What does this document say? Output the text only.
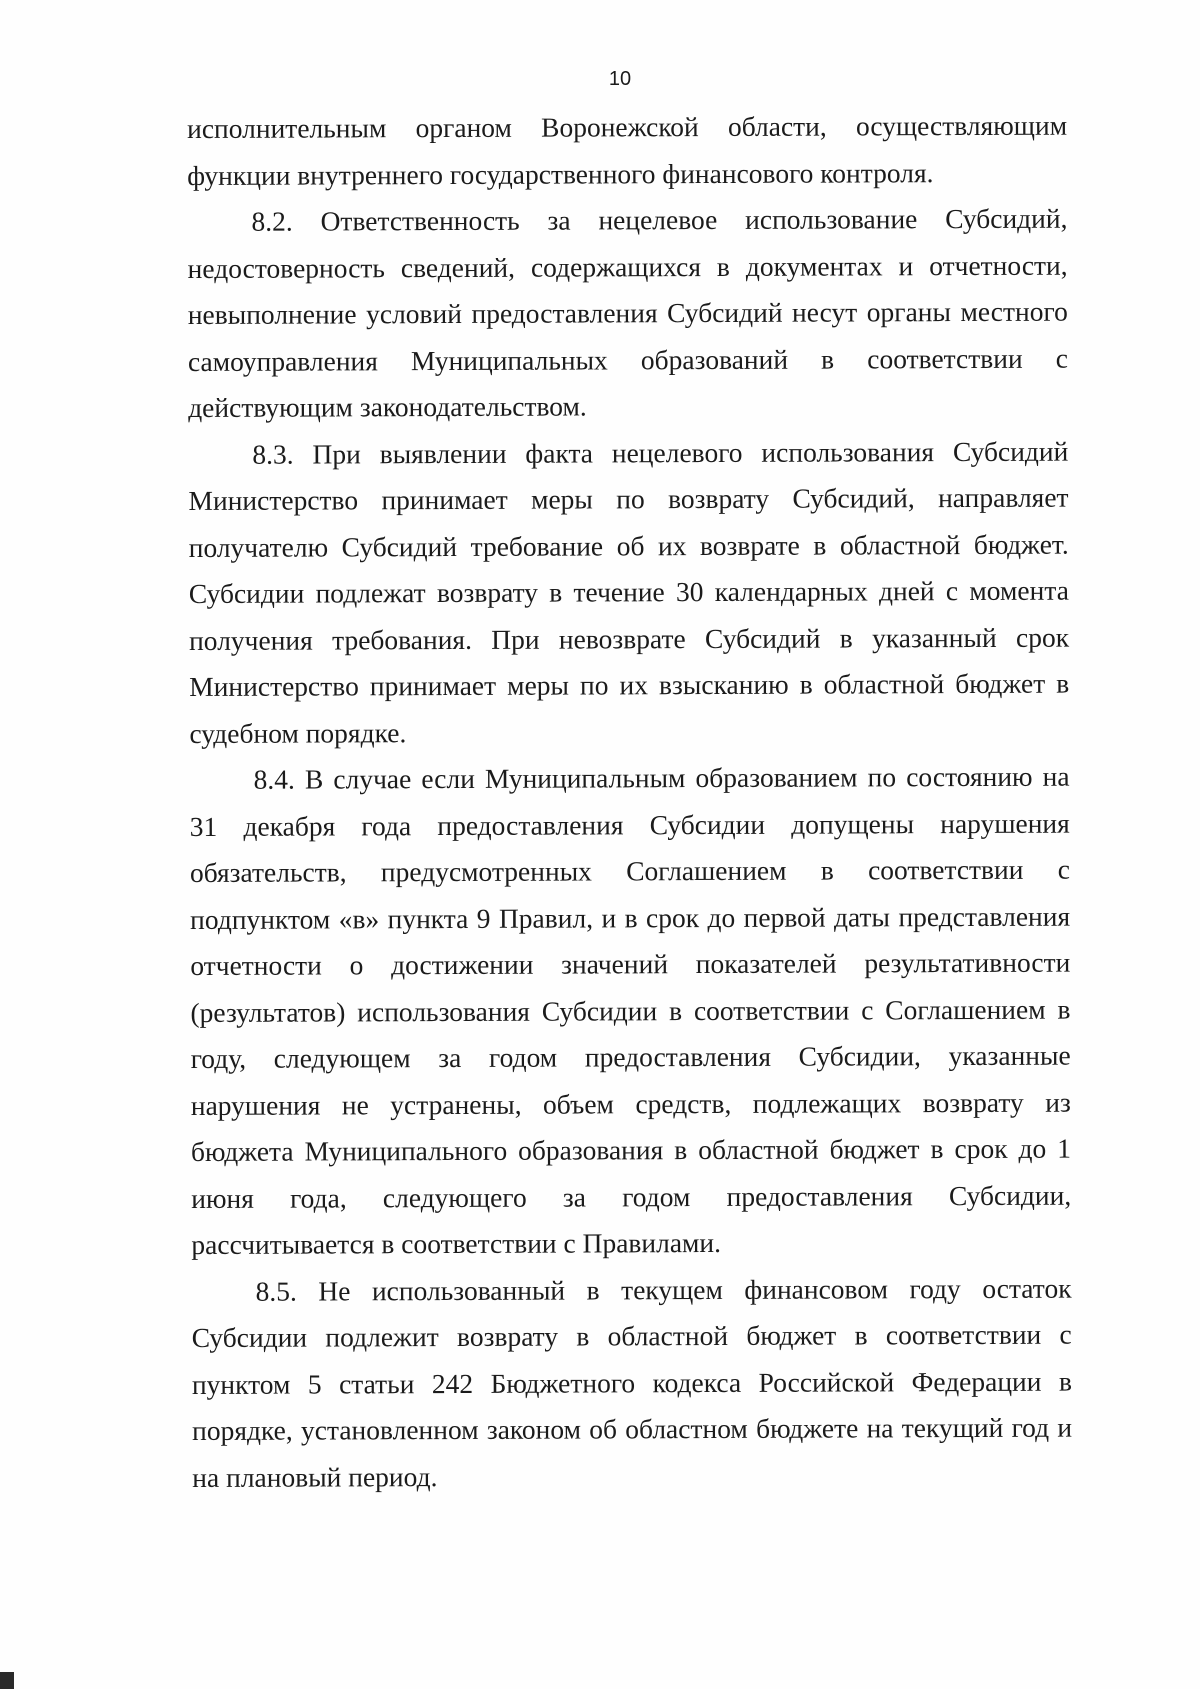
10

исполнительным органом Воронежской области, осуществляющим функции внутреннего государственного финансового контроля.

8.2. Ответственность за нецелевое использование Субсидий, недостоверность сведений, содержащихся в документах и отчетности, невыполнение условий предоставления Субсидий несут органы местного самоуправления Муниципальных образований в соответствии с действующим законодательством.

8.3. При выявлении факта нецелевого использования Субсидий Министерство принимает меры по возврату Субсидий, направляет получателю Субсидий требование об их возврате в областной бюджет. Субсидии подлежат возврату в течение 30 календарных дней с момента получения требования. При невозврате Субсидий в указанный срок Министерство принимает меры по их взысканию в областной бюджет в судебном порядке.

8.4. В случае если Муниципальным образованием по состоянию на 31 декабря года предоставления Субсидии допущены нарушения обязательств, предусмотренных Соглашением в соответствии с подпунктом «в» пункта 9 Правил, и в срок до первой даты представления отчетности о достижении значений показателей результативности (результатов) использования Субсидии в соответствии с Соглашением в году, следующем за годом предоставления Субсидии, указанные нарушения не устранены, объем средств, подлежащих возврату из бюджета Муниципального образования в областной бюджет в срок до 1 июня года, следующего за годом предоставления Субсидии, рассчитывается в соответствии с Правилами.

8.5. Не использованный в текущем финансовом году остаток Субсидии подлежит возврату в областной бюджет в соответствии с пунктом 5 статьи 242 Бюджетного кодекса Российской Федерации в порядке, установленном законом об областном бюджете на текущий год и на плановый период.
